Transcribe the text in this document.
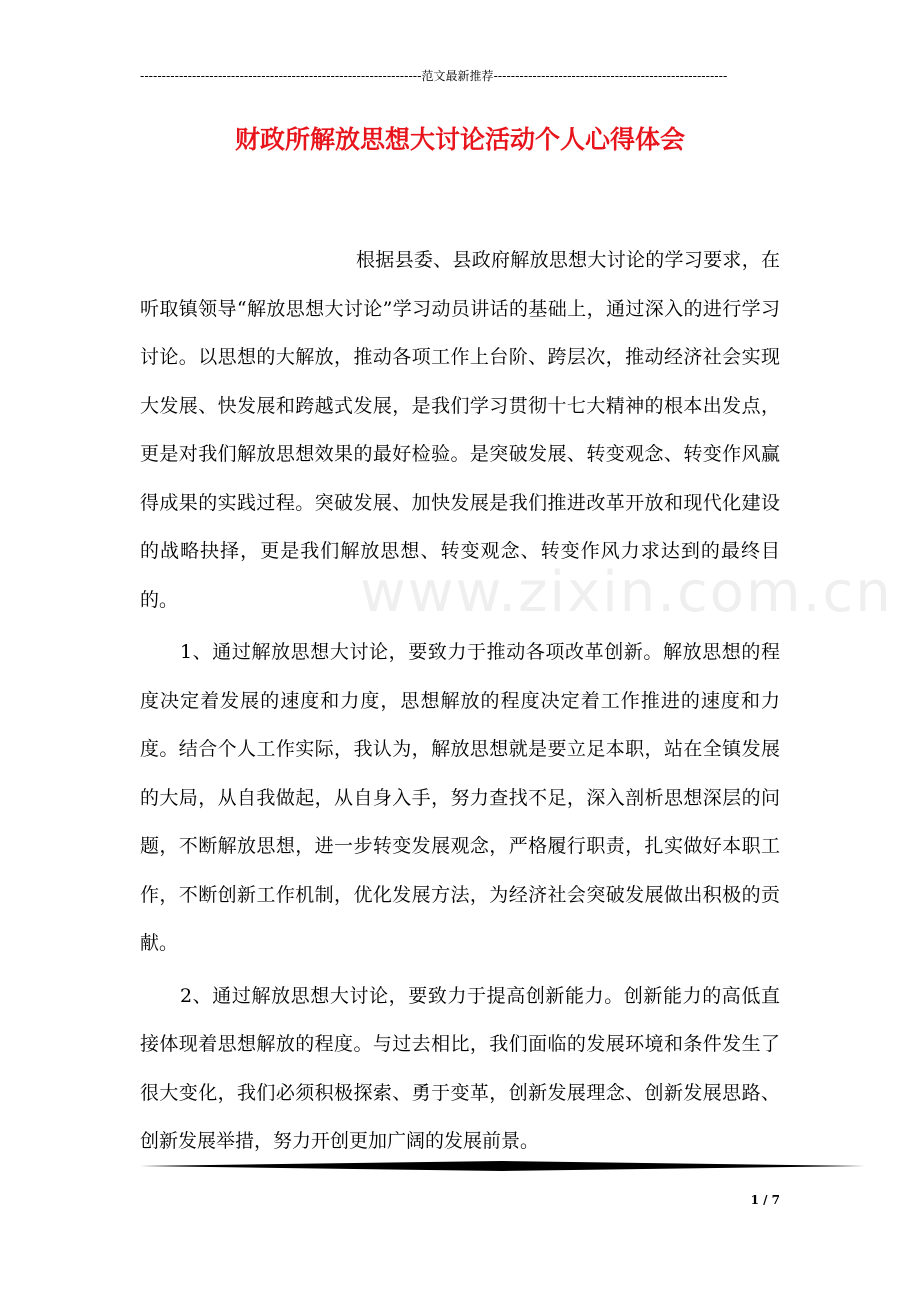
-----------------------------------------------------------------范文最新推荐------------------------------------------------------
财政所解放思想大讨论活动个人心得体会

根据县委、县政府解放思想大讨论的学习要求，在听取镇领导“解放思想大讨论”学习动员讲话的基础上，通过深入的进行学习讨论。以思想的大解放，推动各项工作上台阶、跨层次，推动经济社会实现大发展、快发展和跨越式发展，是我们学习贯彻十七大精神的根本出发点，更是对我们解放思想效果的最好检验。是突破发展、转变观念、转变作风赢得成果的实践过程。突破发展、加快发展是我们推进改革开放和现代化建设的战略抉择，更是我们解放思想、转变观念、转变作风力求达到的最终目的。

1、通过解放思想大讨论，要致力于推动各项改革创新。解放思想的程度决定着发展的速度和力度，思想解放的程度决定着工作推进的速度和力度。结合个人工作实际，我认为，解放思想就是要立足本职，站在全镇发展的大局，从自我做起，从自身入手，努力查找不足，深入剖析思想深层的问题，不断解放思想，进一步转变发展观念，严格履行职责，扎实做好本职工作，不断创新工作机制，优化发展方法，为经济社会突破发展做出积极的贡献。

2、通过解放思想大讨论，要致力于提高创新能力。创新能力的高低直接体现着思想解放的程度。与过去相比，我们面临的发展环境和条件发生了很大变化，我们必须积极探索、勇于变革，创新发展理念、创新发展思路、创新发展举措，努力开创更加广阔的发展前景。

www.zixin.com.cn
1 / 7
